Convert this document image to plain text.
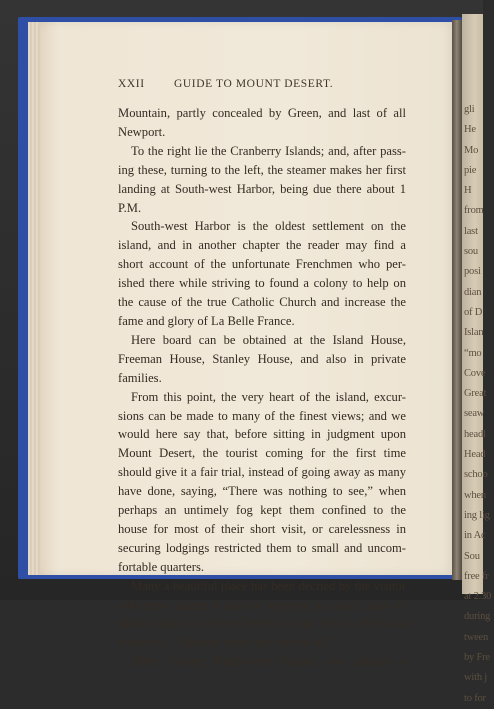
gli
He
Mo
pie
H
from
last
sou
posi
dian
of D
Islan
“mo
Cove
Great
seaw
headl
Head
schoo
when
ing lig
in Ac
Sou
free fr
at 2.30
during
tween
by Fre
with j
to for
XXII	GUIDE TO MOUNT DESERT.
Mountain, partly concealed by Green, and last of all
Newport.
To the right lie the Cranberry Islands; and, after pass-
ing these, turning to the left, the steamer makes her first
landing at South-west Harbor, being due there about 1
P.M.
South-west Harbor is the oldest settlement on the
island, and in another chapter the reader may find a
short account of the unfortunate Frenchmen who per-
ished there while striving to found a colony to help on
the cause of the true Catholic Church and increase the
fame and glory of La Belle France.
Here board can be obtained at the Island House,
Freeman House, Stanley House, and also in private
families.
From this point, the very heart of the island, excur-
sions can be made to many of the finest views; and we
would here say that, before sitting in judgment upon
Mount Desert, the tourist coming for the first time
should give it a fair trial, instead of going away as many
have done, saying, “There was nothing to see,” when
perhaps an untimely fog kept them confined to the
house for most of their short visit, or carelessness in
securing lodgings restricted them to small and uncom-
fortable quarters.
Many a beautiful place has been decried by the visitor
who there caught a cold or sprained an ankle; and we
should look to ourselves before saying, with no allowance
whatever, “ I did not enjoy my visit at all.”
After leaving South-west Harbor, one catches a
